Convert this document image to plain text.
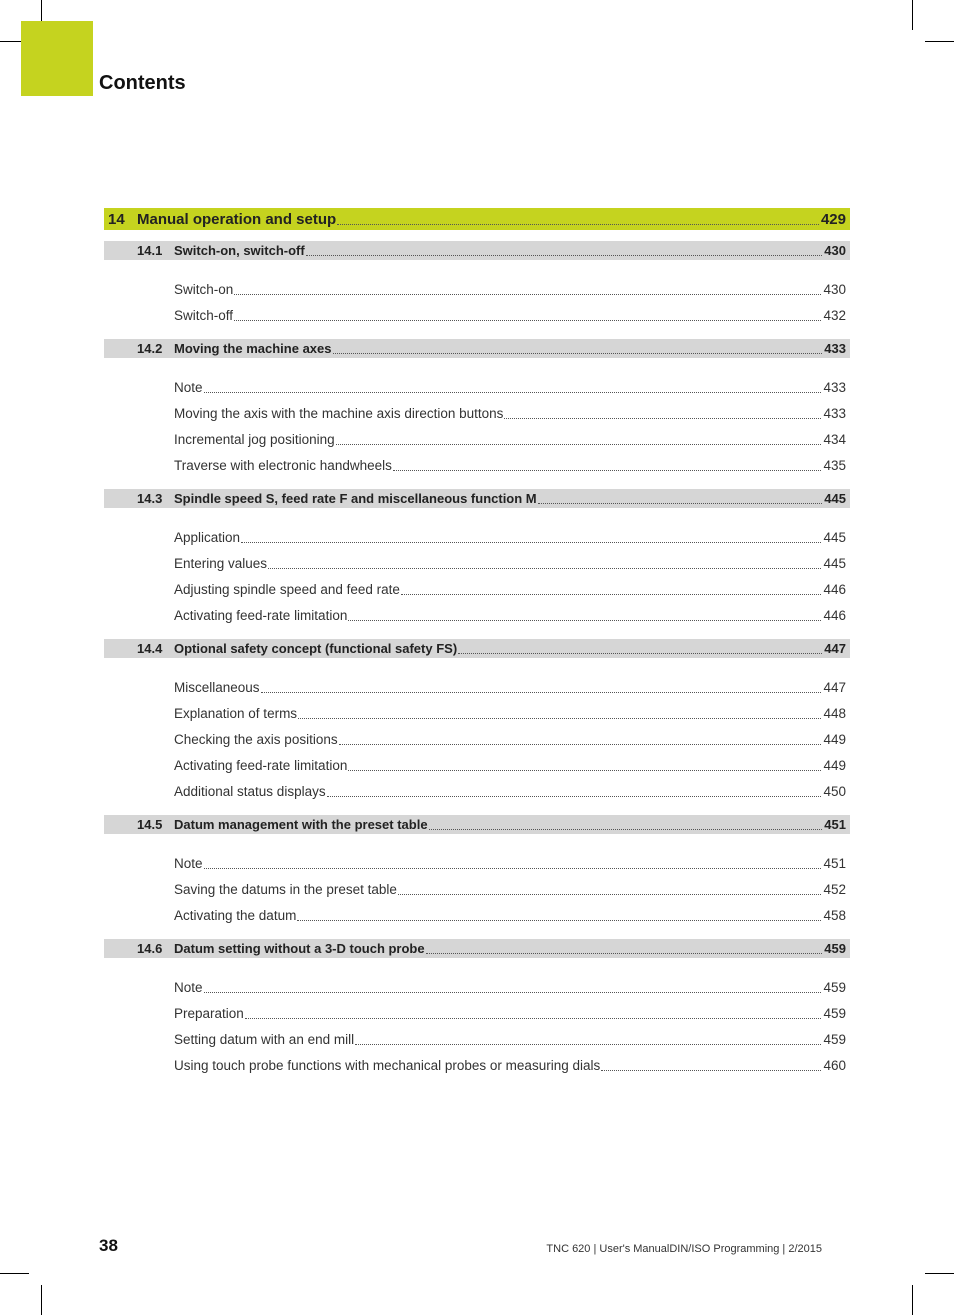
Contents
14 Manual operation and setup	429
14.1 Switch-on, switch-off	430
Switch-on	430
Switch-off	432
14.2 Moving the machine axes	433
Note	433
Moving the axis with the machine axis direction buttons	433
Incremental jog positioning	434
Traverse with electronic handwheels	435
14.3 Spindle speed S, feed rate F and miscellaneous function M	445
Application	445
Entering values	445
Adjusting spindle speed and feed rate	446
Activating feed-rate limitation	446
14.4 Optional safety concept (functional safety FS)	447
Miscellaneous	447
Explanation of terms	448
Checking the axis positions	449
Activating feed-rate limitation	449
Additional status displays	450
14.5 Datum management with the preset table	451
Note	451
Saving the datums in the preset table	452
Activating the datum	458
14.6 Datum setting without a 3-D touch probe	459
Note	459
Preparation	459
Setting datum with an end mill	459
Using touch probe functions with mechanical probes or measuring dials	460
38	TNC 620 | User's ManualDIN/ISO Programming | 2/2015
